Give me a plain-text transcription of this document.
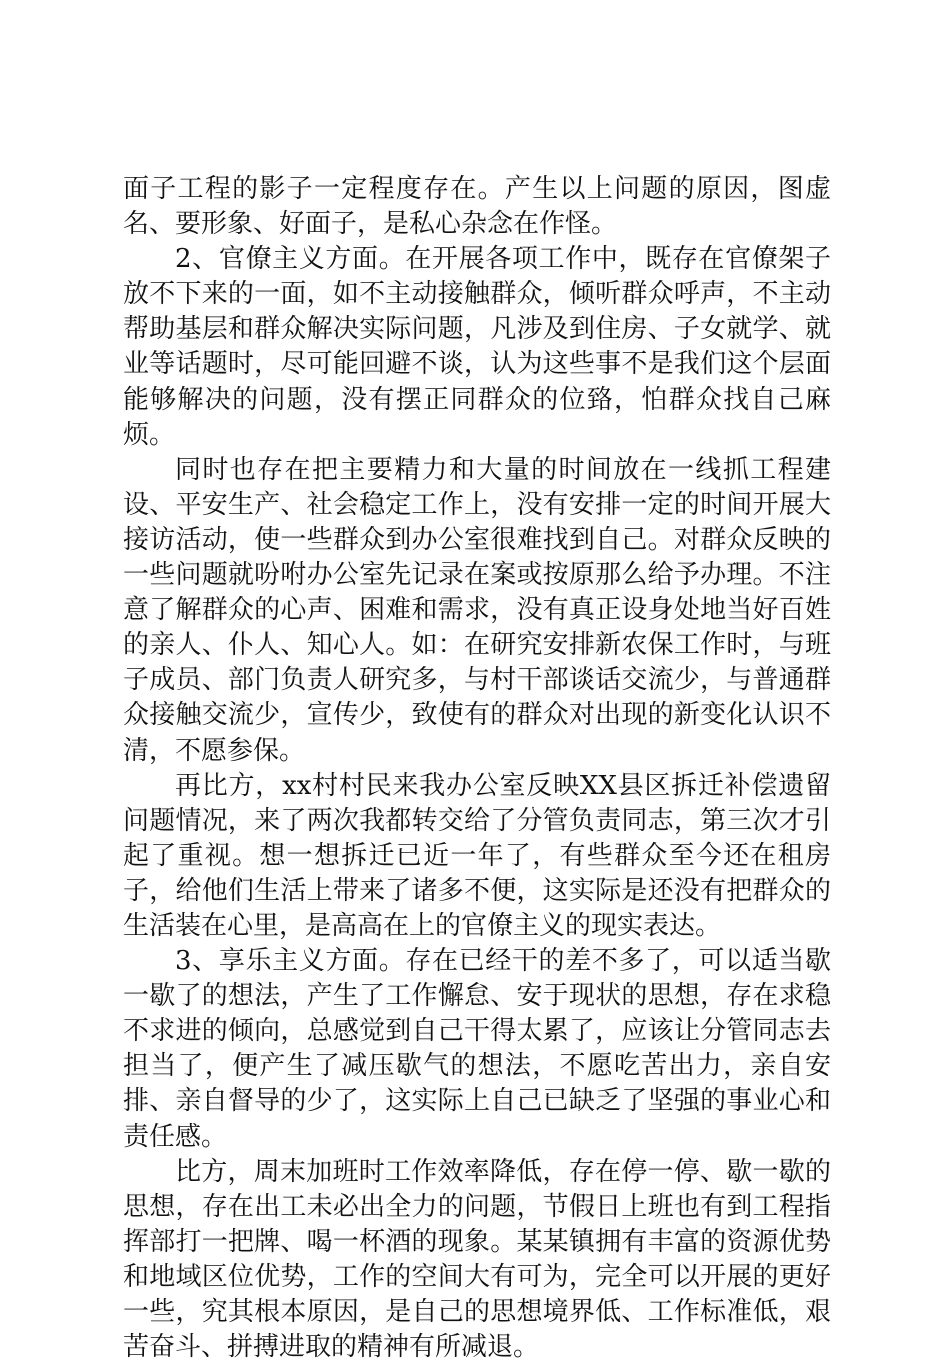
面子工程的影子一定程度存在。产生以上问题的原因，图虚名、要形象、好面子，是私心杂念在作怪。

2、官僚主义方面。在开展各项工作中，既存在官僚架子放不下来的一面，如不主动接触群众，倾听群众呼声，不主动帮助基层和群众解决实际问题，凡涉及到住房、子女就学、就业等话题时，尽可能回避不谈，认为这些事不是我们这个层面能够解决的问题，没有摆正同群众的位臵，怕群众找自己麻烦。

同时也存在把主要精力和大量的时间放在一线抓工程建设、平安生产、社会稳定工作上，没有安排一定的时间开展大接访活动，使一些群众到办公室很难找到自己。对群众反映的一些问题就吩咐办公室先记录在案或按原那么给予办理。不注意了解群众的心声、困难和需求，没有真正设身处地当好百姓的亲人、仆人、知心人。如：在研究安排新农保工作时，与班子成员、部门负责人研究多，与村干部谈话交流少，与普通群众接触交流少，宣传少，致使有的群众对出现的新变化认识不清，不愿参保。

再比方，xx村村民来我办公室反映XX县区拆迁补偿遗留问题情况，来了两次我都转交给了分管负责同志，第三次才引起了重视。想一想拆迁已近一年了，有些群众至今还在租房子，给他们生活上带来了诸多不便，这实际是还没有把群众的生活装在心里，是高高在上的官僚主义的现实表达。

3、享乐主义方面。存在已经干的差不多了，可以适当歇一歇了的想法，产生了工作懈怠、安于现状的思想，存在求稳不求进的倾向，总感觉到自己干得太累了，应该让分管同志去担当了，便产生了减压歇气的想法，不愿吃苦出力，亲自安排、亲自督导的少了，这实际上自己已缺乏了坚强的事业心和责任感。

比方，周末加班时工作效率降低，存在停一停、歇一歇的思想，存在出工未必出全力的问题，节假日上班也有到工程指挥部打一把牌、喝一杯酒的现象。某某镇拥有丰富的资源优势和地域区位优势，工作的空间大有可为，完全可以开展的更好一些，究其根本原因，是自己的思想境界低、工作标准低，艰苦奋斗、拼搏进取的精神有所减退。
